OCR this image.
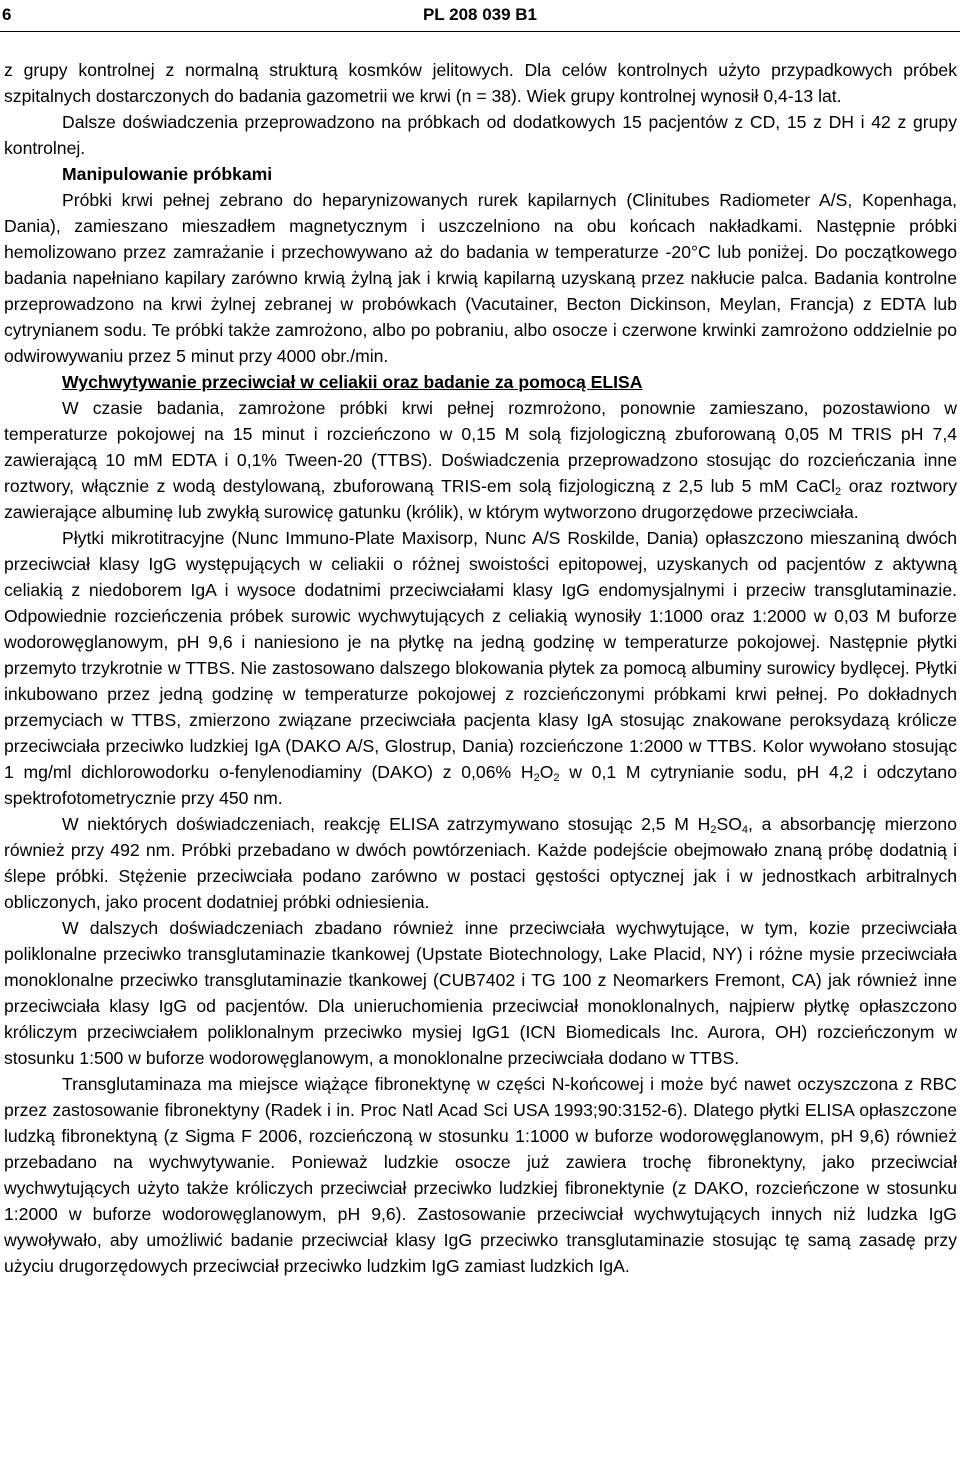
6	PL 208 039 B1

z grupy kontrolnej z normalną strukturą kosmków jelitowych. Dla celów kontrolnych użyto przypadkowych próbek szpitalnych dostarczonych do badania gazometrii we krwi (n = 38). Wiek grupy kontrolnej wynosił 0,4-13 lat.

Dalsze doświadczenia przeprowadzono na próbkach od dodatkowych 15 pacjentów z CD, 15 z DH i 42 z grupy kontrolnej.

Manipulowanie próbkami

Próbki krwi pełnej zebrano do heparynizowanych rurek kapilarnych (Clinitubes Radiometer A/S, Kopenhaga, Dania), zamieszano mieszadłem magnetycznym i uszczelniono na obu końcach nakładkami. Następnie próbki hemolizowano przez zamrażanie i przechowywano aż do badania w temperaturze -20°C lub poniżej. Do początkowego badania napełniano kapilary zarówno krwią żylną jak i krwią kapilarną uzyskaną przez nakłucie palca. Badania kontrolne przeprowadzono na krwi żylnej zebranej w probówkach (Vacutainer, Becton Dickinson, Meylan, Francja) z EDTA lub cytrynianem sodu. Te próbki także zamrożono, albo po pobraniu, albo osocze i czerwone krwinki zamrożono oddzielnie po odwirowywaniu przez 5 minut przy 4000 obr./min.

Wychwytywanie przeciwciał w celiakii oraz badanie za pomocą ELISA

W czasie badania, zamrożone próbki krwi pełnej rozmrożono, ponownie zamieszano, pozostawiono w temperaturze pokojowej na 15 minut i rozcieńczono w 0,15 M solą fizjologiczną zbuforowaną 0,05 M TRIS pH 7,4 zawierającą 10 mM EDTA i 0,1% Tween-20 (TTBS). Doświadczenia przeprowadzono stosując do rozcieńczania inne roztwory, włącznie z wodą destylowaną, zbuforowaną TRIS-em solą fizjologiczną z 2,5 lub 5 mM CaCl$_2$ oraz roztwory zawierające albuminę lub zwykłą surowicę gatunku (królik), w którym wytworzono drugorzędowe przeciwciała.

Płytki mikrotitracyjne (Nunc Immuno-Plate Maxisorp, Nunc A/S Roskilde, Dania) opłaszczono mieszaniną dwóch przeciwciał klasy IgG występujących w celiakii o różnej swoistości epitopowej, uzyskanych od pacjentów z aktywną celiakią z niedoborem IgA i wysoce dodatnimi przeciwciałami klasy IgG endomysjalnymi i przeciw transglutaminazie. Odpowiednie rozcieńczenia próbek surowic wychwytujących z celiakią wynosiły 1:1000 oraz 1:2000 w 0,03 M buforze wodorowęglanowym, pH 9,6 i naniesiono je na płytkę na jedną godzinę w temperaturze pokojowej. Następnie płytki przemyto trzykrotnie w TTBS. Nie zastosowano dalszego blokowania płytek za pomocą albuminy surowicy bydlęcej. Płytki inkubowano przez jedną godzinę w temperaturze pokojowej z rozcieńczonymi próbkami krwi pełnej. Po dokładnych przemyciach w TTBS, zmierzono związane przeciwciała pacjenta klasy IgA stosując znakowane peroksydazą królicze przeciwciała przeciwko ludzkiej IgA (DAKO A/S, Glostrup, Dania) rozcieńczone 1:2000 w TTBS. Kolor wywołano stosując 1 mg/ml dichlorowodorku o-fenylenodiaminy (DAKO) z 0,06% $H_2O_2$ w 0,1 M cytrynianie sodu, pH 4,2 i odczytano spektrofotometrycznie przy 450 nm.

W niektórych doświadczeniach, reakcję ELISA zatrzymywano stosując 2,5 M $H_2SO_4$, a absorbancję mierzono również przy 492 nm. Próbki przebadano w dwóch powtórzeniach. Każde podejście obejmowało znaną próbę dodatnią i ślepe próbki. Stężenie przeciwciała podano zarówno w postaci gęstości optycznej jak i w jednostkach arbitralnych obliczonych, jako procent dodatniej próbki odniesienia.

W dalszych doświadczeniach zbadano również inne przeciwciała wychwytujące, w tym, kozie przeciwciała poliklonalne przeciwko transglutaminazie tkankowej (Upstate Biotechnology, Lake Placid, NY) i różne mysie przeciwciała monoklonalne przeciwko transglutaminazie tkankowej (CUB7402 i TG 100 z Neomarkers Fremont, CA) jak również inne przeciwciała klasy IgG od pacjentów. Dla unieruchomienia przeciwciał monoklonalnych, najpierw płytkę opłaszczono króliczym przeciwciałem poliklonalnym przeciwko mysiej IgG1 (ICN Biomedicals Inc. Aurora, OH) rozcieńczonym w stosunku 1:500 w buforze wodorowęglanowym, a monoklonalne przeciwciała dodano w TTBS.

Transglutaminaza ma miejsce wiążące fibronektynę w części N-końcowej i może być nawet oczyszczona z RBC przez zastosowanie fibronektyny (Radek i in. Proc Natl Acad Sci USA 1993;90:3152-6). Dlatego płytki ELISA opłaszczone ludzką fibronektyną (z Sigma F 2006, rozcieńczoną w stosunku 1:1000 w buforze wodorowęglanowym, pH 9,6) również przebadano na wychwytywanie. Ponieważ ludzkie osocze już zawiera trochę fibronektyny, jako przeciwciał wychwytujących użyto także króliczych przeciwciał przeciwko ludzkiej fibronektynie (z DAKO, rozcieńczone w stosunku 1:2000 w buforze wodorowęglanowym, pH 9,6). Zastosowanie przeciwciał wychwytujących innych niż ludzka IgG wywoływało, aby umożliwić badanie przeciwciał klasy IgG przeciwko transglutaminazie stosując tę samą zasadę przy użyciu drugorzędowych przeciwciał przeciwko ludzkim IgG zamiast ludzkich IgA.
